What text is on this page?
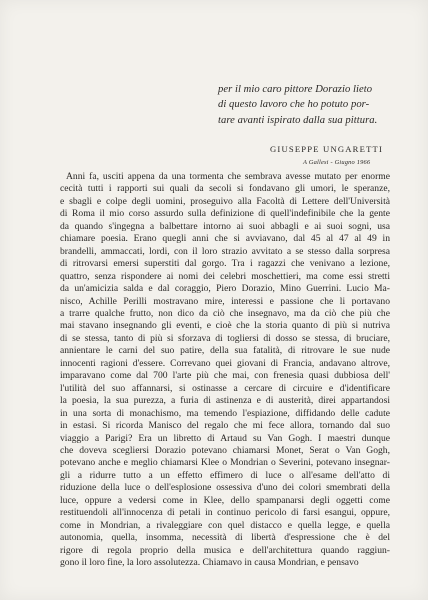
per il mio caro pittore Dorazio lieto
di questo lavoro che ho potuto por-
tare avanti ispirato dalla sua pittura.
GIUSEPPE UNGARETTI
A Gallesi - Giugno 1966
Anni fa, usciti appena da una tormenta che sembrava avesse mutato per enorme
cecità tutti i rapporti sui quali da secoli si fondavano gli umori, le speranze,
e sbagli e colpe degli uomini, proseguivo alla Facoltà di Lettere dell'Università
di Roma il mio corso assurdo sulla definizione di quell'indefinibile che la gente
da quando s'ingegna a balbettare intorno ai suoi abbagli e ai suoi sogni, usa
chiamare poesia. Erano quegli anni che si avviavano, dal 45 al 47 al 49 in
brandelli, ammaccati, lordi, con il loro strazio avvitato a se stesso dalla sorpresa
di ritrovarsi emersi superstiti dal gorgo. Tra i ragazzi che venivano a lezione,
quattro, senza rispondere ai nomi dei celebri moschettieri, ma come essi stretti
da un'amicizia salda e dal coraggio, Piero Dorazio, Mino Guerrini. Lucio Ma-
nisco, Achille Perilli mostravano mire, interessi e passione che li portavano
a trarre qualche frutto, non dico da ciò che insegnavo, ma da ciò che più che
mai stavano insegnando gli eventi, e cioè che la storia quanto di più si nutriva
di se stessa, tanto di più si sforzava di togliersi di dosso se stessa, di bruciare,
annientare le carni del suo patire, della sua fatalità, di ritrovare le sue nude
innocenti ragioni d'essere. Correvano quei giovani di Francia, andavano altrove,
imparavano come dal 700 l'arte più che mai, con frenesia quasi dubbiosa dell'
l'utilità del suo affannarsi, si ostinasse a cercare di circuire e d'identificare
la poesia, la sua purezza, a furia di astinenza e di austerità, direi appartandosi
in una sorta di monachismo, ma temendo l'espiazione, diffidando delle cadute
in estasi. Si ricorda Manisco del regalo che mi fece allora, tornando dal suo
viaggio a Parigi? Era un libretto di Artaud su Van Gogh. I maestri dunque
che doveva scegliersi Dorazio potevano chiamarsi Monet, Serat o Van Gogh,
potevano anche e meglio chiamarsi Klee o Mondrian o Severini, potevano insegnar-
gli a ridurre tutto a un effetto effimero di luce o all'esame dell'atto di
riduzione della luce o dell'esplosione ossessiva d'uno dei colori smembrati della
luce, oppure a vedersi come in Klee, dello spampanarsi degli oggetti come
restituendoli all'innocenza di petali in continuo pericolo di farsi esangui, oppure,
come in Mondrian, a rivaleggiare con quel distacco e quella legge, e quella
autonomia, quella, insomma, necessità di libertà d'espressione che è del
rigore di regola proprio della musica e dell'architettura quando raggiun-
gono il loro fine, la loro assolutezza. Chiamavo in causa Mondrian, e pensavo
